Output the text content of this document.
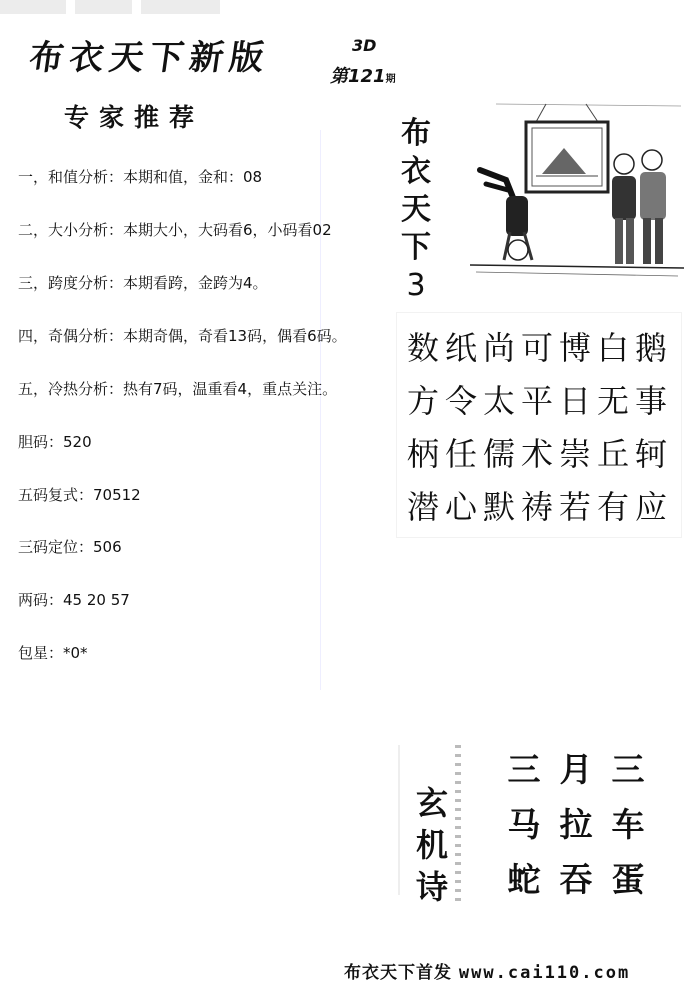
布衣天下新版	3D
第121期
专家推荐
一，和值分析：本期和值，金和：08
二，大小分析：本期大小，大码看6，小码看02
三，跨度分析：本期看跨，金跨为4。
四，奇偶分析：本期奇偶，奇看13码，偶看6码。
五，冷热分析：热有7码，温重看4，重点关注。
胆码：520
五码复式：70512
三码定位：506
两码：45 20 57
包星：*0*
布
衣
天
下
3
数 纸 尚 可 博 白 鹅
方 令 太 平 日 无 事
柄 任 儒 术 崇 丘 轲
潜 心 默 祷 若 有 应
玄
机
诗
三 月 三
马 拉 车
蛇 吞 蛋
布衣天下首发 www.cai110.com
